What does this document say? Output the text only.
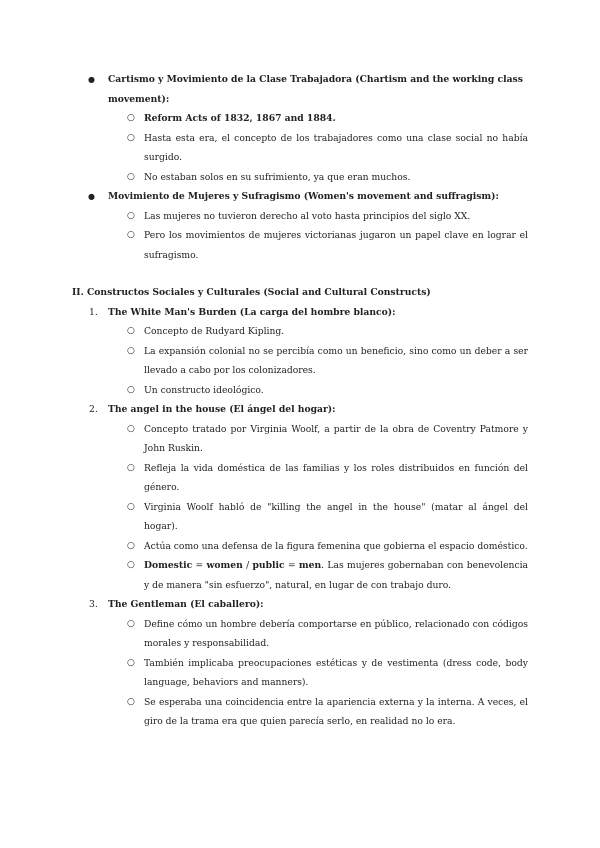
● Cartismo y Movimiento de la Clase Trabajadora (Chartism and the working class movement):
○ Reform Acts of 1832, 1867 and 1884.
○ Hasta esta era, el concepto de los trabajadores como una clase social no había surgido.
○ No estaban solos en su sufrimiento, ya que eran muchos.
● Movimiento de Mujeres y Sufragismo (Women's movement and suffragism):
○ Las mujeres no tuvieron derecho al voto hasta principios del siglo XX.
○ Pero los movimientos de mujeres victorianas jugaron un papel clave en lograr el sufragismo.
II. Constructos Sociales y Culturales (Social and Cultural Constructs)
1. The White Man's Burden (La carga del hombre blanco):
○ Concepto de Rudyard Kipling.
○ La expansión colonial no se percibía como un beneficio, sino como un deber a ser llevado a cabo por los colonizadores.
○ Un constructo ideológico.
2. The angel in the house (El ángel del hogar):
○ Concepto tratado por Virginia Woolf, a partir de la obra de Coventry Patmore y John Ruskin.
○ Refleja la vida doméstica de las familias y los roles distribuidos en función del género.
○ Virginia Woolf habló de "killing the angel in the house" (matar al ángel del hogar).
○ Actúa como una defensa de la figura femenina que gobierna el espacio doméstico.
○ Domestic = women / public = men. Las mujeres gobernaban con benevolencia y de manera "sin esfuerzo", natural, en lugar de con trabajo duro.
3. The Gentleman (El caballero):
○ Define cómo un hombre debería comportarse en público, relacionado con códigos morales y responsabilidad.
○ También implicaba preocupaciones estéticas y de vestimenta (dress code, body language, behaviors and manners).
○ Se esperaba una coincidencia entre la apariencia externa y la interna. A veces, el giro de la trama era que quien parecía serlo, en realidad no lo era.
